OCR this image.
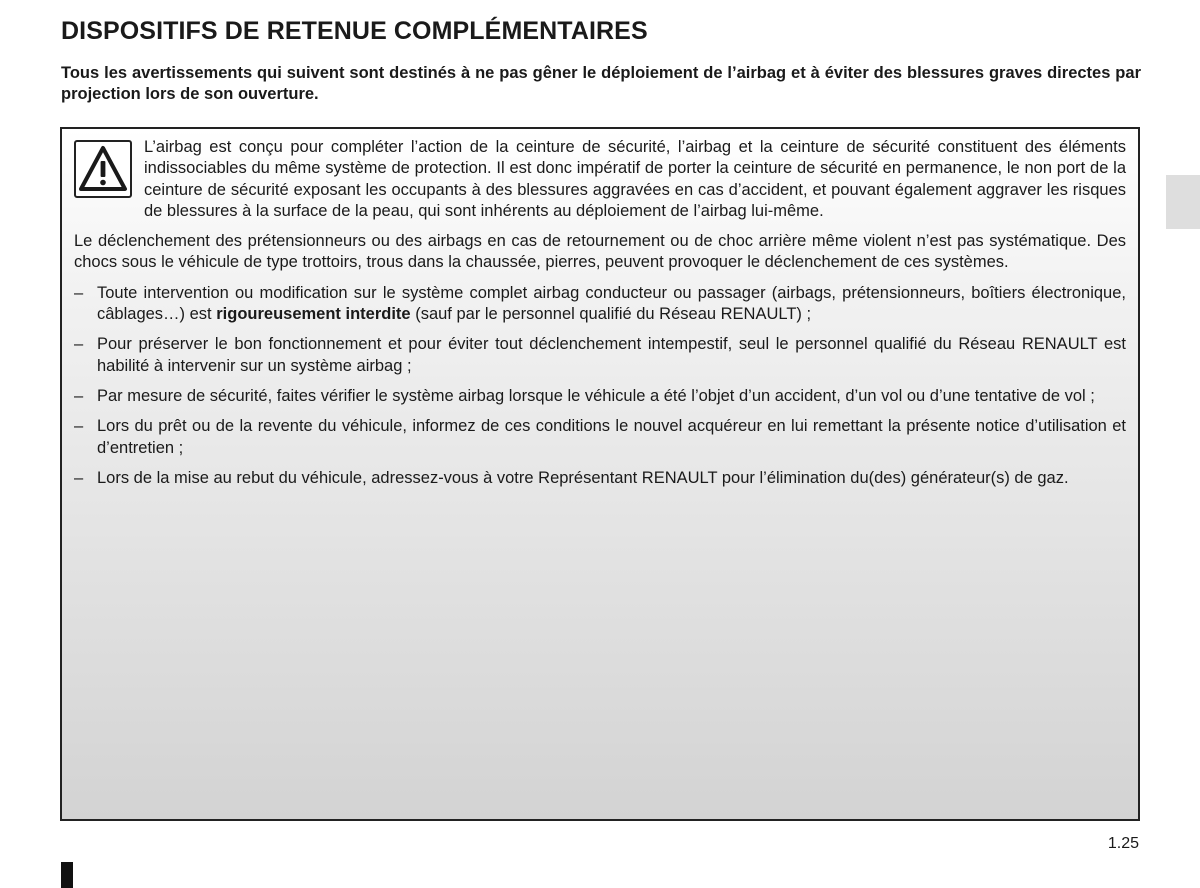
DISPOSITIFS DE RETENUE COMPLÉMENTAIRES

Tous les avertissements qui suivent sont destinés à ne pas gêner le déploiement de l’airbag et à éviter des blessures graves directes par projection lors de son ouverture.

L’airbag est conçu pour compléter l’action de la ceinture de sécurité, l’airbag et la ceinture de sécurité constituent des éléments indissociables du même système de protection. Il est donc impératif de porter la ceinture de sécurité en permanence, le non port de la ceinture de sécurité exposant les occupants à des blessures aggravées en cas d’accident, et pouvant également aggraver les risques de blessures à la surface de la peau, qui sont inhérents au déploiement de l’airbag lui-même.

Le déclenchement des prétensionneurs ou des airbags en cas de retournement ou de choc arrière même violent n’est pas systématique. Des chocs sous le véhicule de type trottoirs, trous dans la chaussée, pierres, peuvent provoquer le déclenchement de ces systèmes.

– Toute intervention ou modification sur le système complet airbag conducteur ou passager (airbags, prétensionneurs, boîtiers électronique, câblages…) est rigoureusement interdite (sauf par le personnel qualifié du Réseau RENAULT) ;
– Pour préserver le bon fonctionnement et pour éviter tout déclenchement intempestif, seul le personnel qualifié du Réseau RENAULT est habilité à intervenir sur un système airbag ;
– Par mesure de sécurité, faites vérifier le système airbag lorsque le véhicule a été l’objet d’un accident, d’un vol ou d’une tentative de vol ;
– Lors du prêt ou de la revente du véhicule, informez de ces conditions le nouvel acquéreur en lui remettant la présente notice d’utilisation et d’entretien ;
– Lors de la mise au rebut du véhicule, adressez-vous à votre Représentant RENAULT pour l’élimination du(des) générateur(s) de gaz.
1.25
